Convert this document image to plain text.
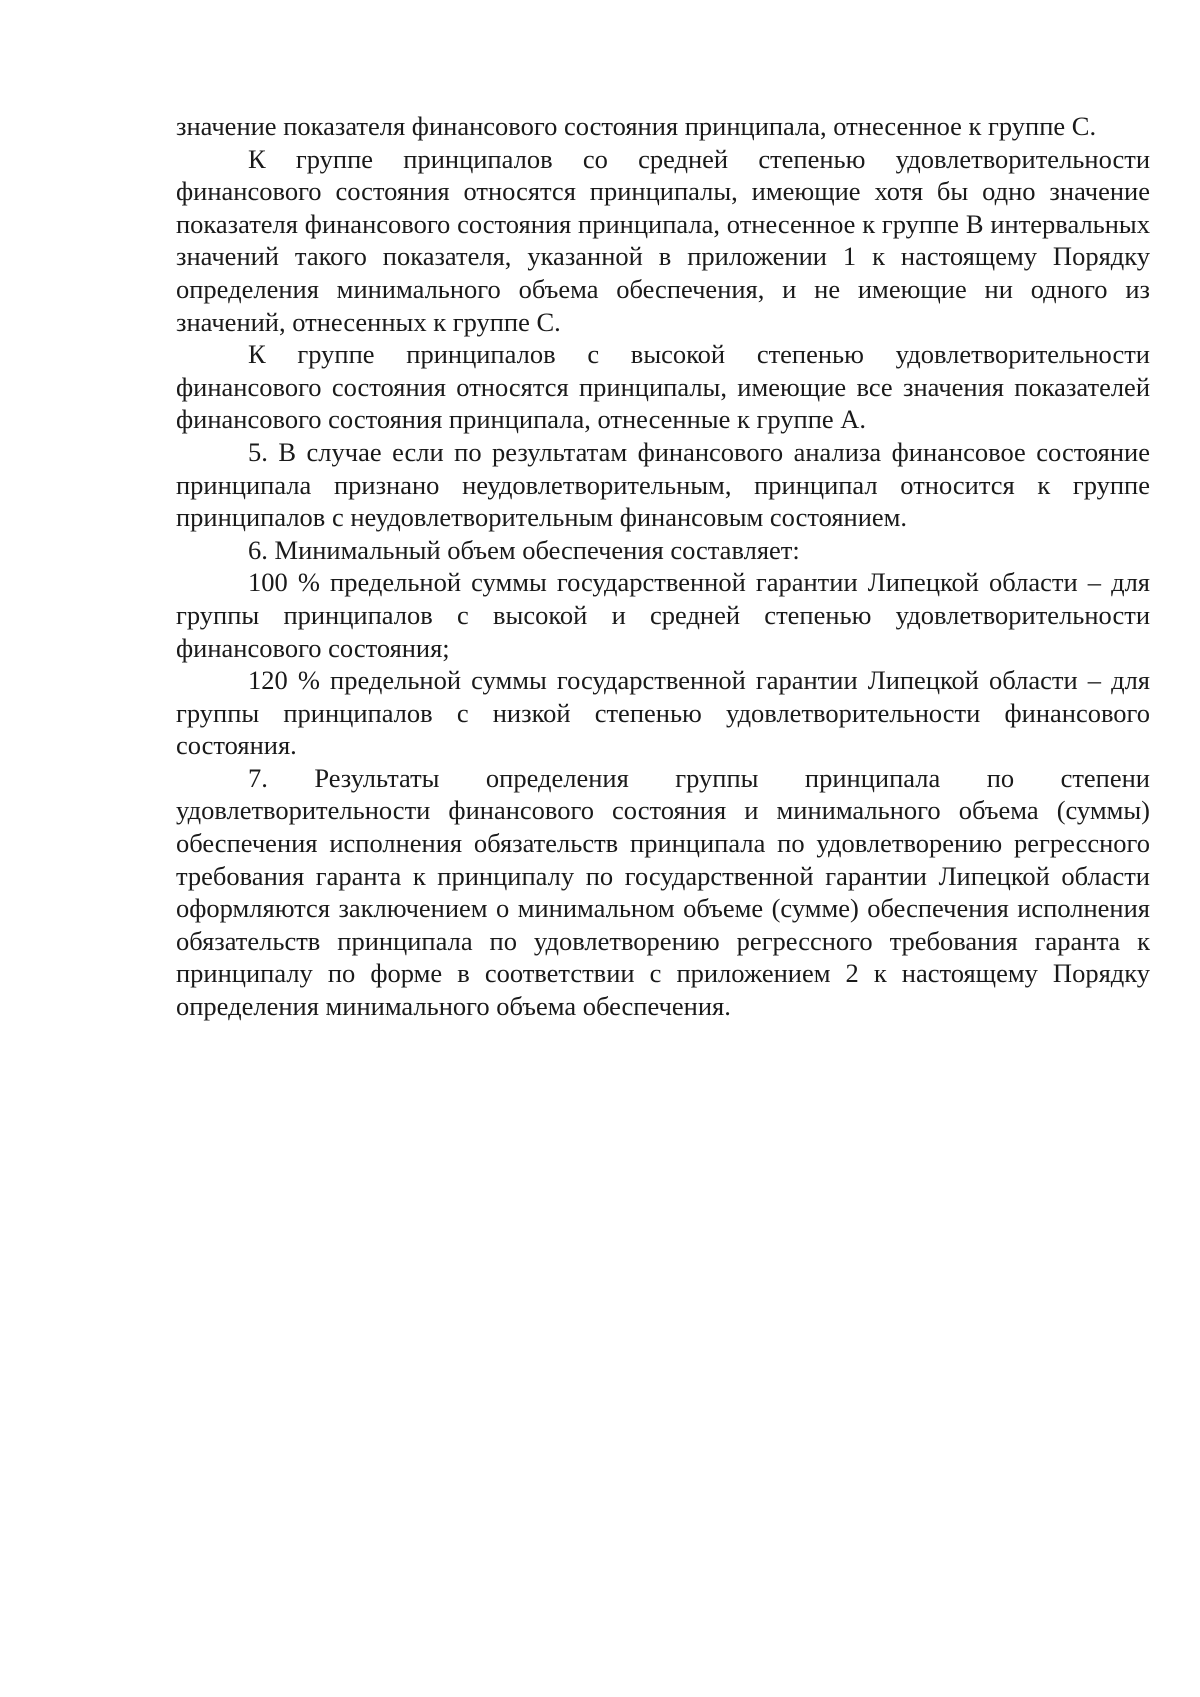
значение показателя финансового состояния принципала, отнесенное к группе С.

К группе принципалов со средней степенью удовлетворительности финансового состояния относятся принципалы, имеющие хотя бы одно значение показателя финансового состояния принципала, отнесенное к группе В интервальных значений такого показателя, указанной в приложении 1 к настоящему Порядку определения минимального объема обеспечения, и не имеющие ни одного из значений, отнесенных к группе С.

К группе принципалов с высокой степенью удовлетворительности финансового состояния относятся принципалы, имеющие все значения показателей финансового состояния принципала, отнесенные к группе А.

5. В случае если по результатам финансового анализа финансовое состояние принципала признано неудовлетворительным, принципал относится к группе принципалов с неудовлетворительным финансовым состоянием.

6. Минимальный объем обеспечения составляет:

100 % предельной суммы государственной гарантии Липецкой области – для группы принципалов с высокой и средней степенью удовлетворительности финансового состояния;

120 % предельной суммы государственной гарантии Липецкой области – для группы принципалов с низкой степенью удовлетворительности финансового состояния.

7. Результаты определения группы принципала по степени удовлетворительности финансового состояния и минимального объема (суммы) обеспечения исполнения обязательств принципала по удовлетворению регрессного требования гаранта к принципалу по государственной гарантии Липецкой области оформляются заключением о минимальном объеме (сумме) обеспечения исполнения обязательств принципала по удовлетворению регрессного требования гаранта к принципалу по форме в соответствии с приложением 2 к настоящему Порядку определения минимального объема обеспечения.
